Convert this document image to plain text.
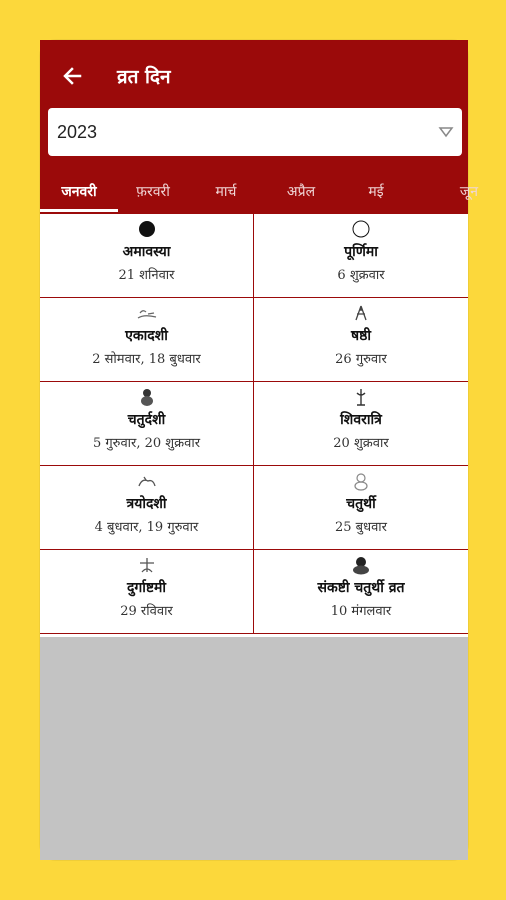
व्रत दिन
2023
जनवरी	फ़रवरी	मार्च	अप्रैल	मई	जून
अमावस्या
21 शनिवार
पूर्णिमा
6 शुक्रवार
एकादशी
2 सोमवार, 18 बुधवार
षष्ठी
26 गुरुवार
चतुर्दशी
5 गुरुवार, 20 शुक्रवार
शिवरात्रि
20 शुक्रवार
त्रयोदशी
4 बुधवार, 19 गुरुवार
चतुर्थी
25 बुधवार
दुर्गाष्टमी
29 रविवार
संकष्टी चतुर्थी व्रत
10 मंगलवार
